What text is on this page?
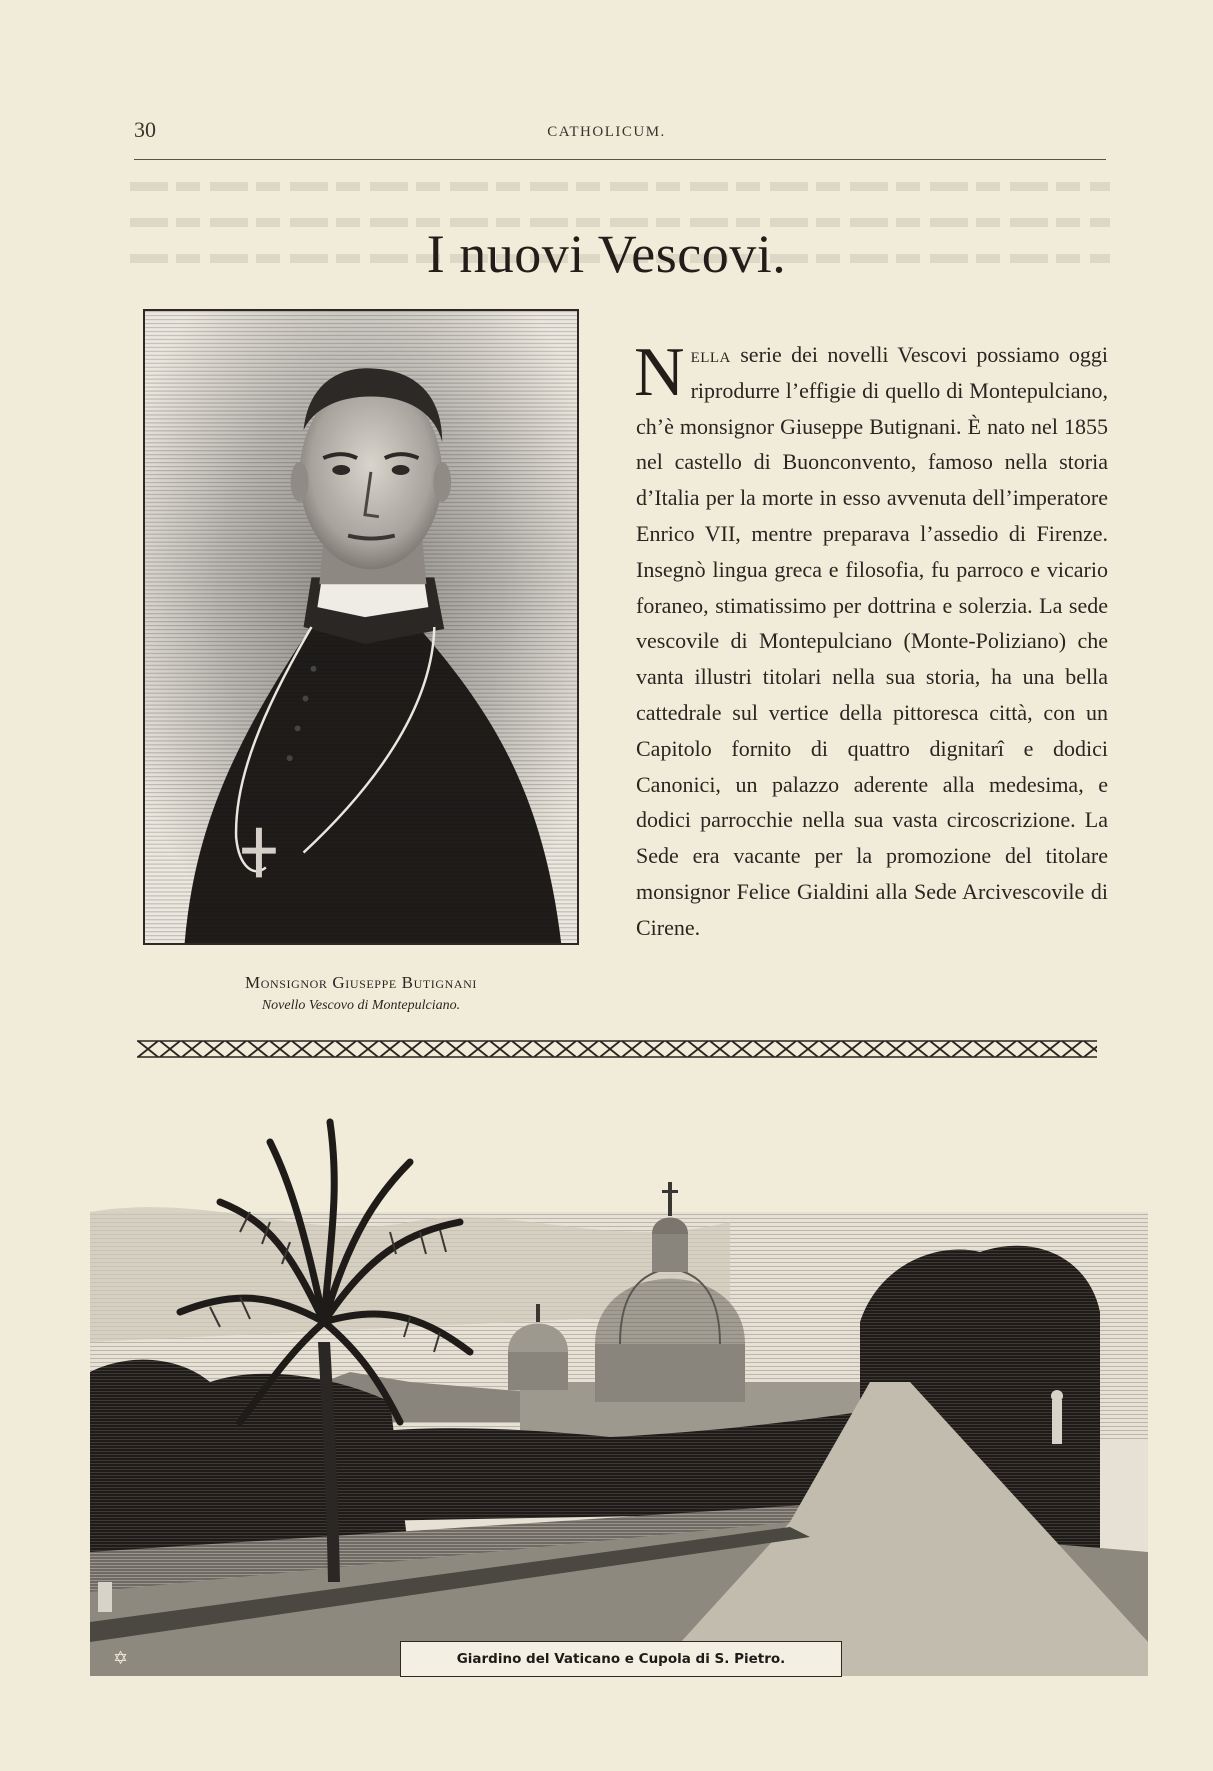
30	CATHOLICUM.
I nuovi Vescovi.
Monsignor Giuseppe Butignani
Novello Vescovo di Montepulciano.
Nella serie dei novelli Vescovi possiamo oggi riprodurre l’effigie di quello di Montepulciano, ch’è monsignor Giuseppe Butignani. È nato nel 1855 nel castello di Buonconvento, famoso nella storia d’Italia per la morte in esso avvenuta dell’imperatore Enrico VII, mentre preparava l’assedio di Firenze. Insegnò lingua greca e filosofia, fu parroco e vicario foraneo, stimatissimo per dottrina e solerzia. La sede vescovile di Montepulciano (Monte-Poliziano) che vanta illustri titolari nella sua storia, ha una bella cattedrale sul vertice della pittoresca città, con un Capitolo fornito di quattro dignitarî e dodici Canonici, un palazzo aderente alla medesima, e dodici parrocchie nella sua vasta circoscrizione. La Sede era vacante per la promozione del titolare monsignor Felice Gialdini alla Sede Arcivescovile di Cirene.
✡	Giardino del Vaticano e Cupola di S. Pietro.
